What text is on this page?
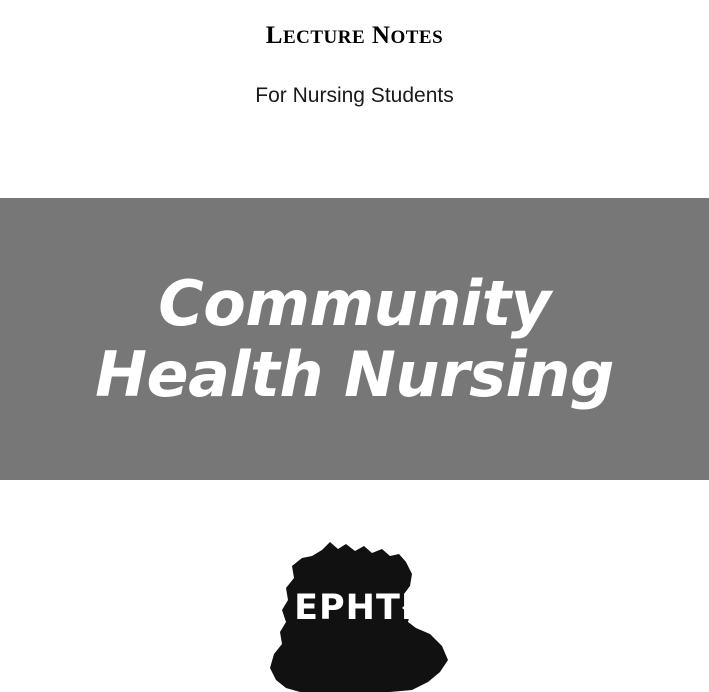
LECTURE NOTES
For Nursing Students
Community Health Nursing
EPHTI
